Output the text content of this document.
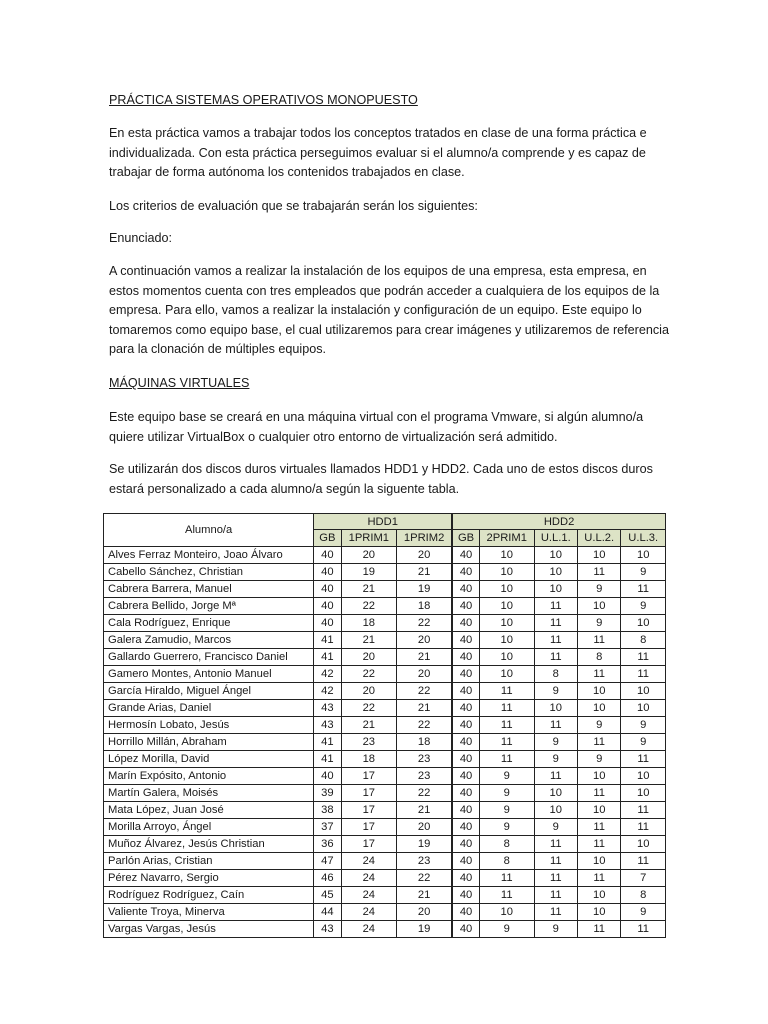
PRÁCTICA SISTEMAS OPERATIVOS MONOPUESTO

En esta práctica vamos a trabajar todos los conceptos tratados en clase de una forma práctica e individualizada. Con esta práctica perseguimos evaluar si el alumno/a comprende y es capaz de trabajar de forma autónoma los contenidos trabajados en clase.

Los criterios de evaluación que se trabajarán serán los siguientes:

Enunciado:

A continuación vamos a realizar la instalación de los equipos de una empresa, esta empresa, en estos momentos cuenta con tres empleados que podrán acceder a cualquiera de los equipos de la empresa. Para ello, vamos a realizar la instalación y configuración de un equipo. Este equipo lo tomaremos como equipo base, el cual utilizaremos para crear imágenes y utilizaremos de referencia para la clonación de múltiples equipos.

MÁQUINAS VIRTUALES

Este equipo base se creará en una máquina virtual con el programa Vmware, si algún alumno/a quiere utilizar VirtualBox o cualquier otro entorno de virtualización será admitido.

Se utilizarán dos discos duros virtuales llamados HDD1 y HDD2. Cada uno de estos discos duros estará personalizado a cada alumno/a según la siguente tabla.

Alumno/a	HDD1			HDD2				
	GB	1PRIM1	1PRIM2	GB	2PRIM1	U.L.1.	U.L.2.	U.L.3.
Alves Ferraz Monteiro, Joao Álvaro	40	20	20	40	10	10	10	10
Cabello Sánchez, Christian	40	19	21	40	10	10	11	9
Cabrera Barrera, Manuel	40	21	19	40	10	10	9	11
Cabrera Bellido, Jorge Mª	40	22	18	40	10	11	10	9
Cala Rodríguez, Enrique	40	18	22	40	10	11	9	10
Galera Zamudio, Marcos	41	21	20	40	10	11	11	8
Gallardo Guerrero, Francisco Daniel	41	20	21	40	10	11	8	11
Gamero Montes, Antonio Manuel	42	22	20	40	10	8	11	11
García Hiraldo, Miguel Ángel	42	20	22	40	11	9	10	10
Grande Arias, Daniel	43	22	21	40	11	10	10	10
Hermosín Lobato, Jesús	43	21	22	40	11	11	9	9
Horrillo Millán, Abraham	41	23	18	40	11	9	11	9
López Morilla, David	41	18	23	40	11	9	9	11
Marín Expósito, Antonio	40	17	23	40	9	11	10	10
Martín Galera, Moisés	39	17	22	40	9	10	11	10
Mata López, Juan José	38	17	21	40	9	10	10	11
Morilla Arroyo, Ángel	37	17	20	40	9	9	11	11
Muñoz Álvarez, Jesús Christian	36	17	19	40	8	11	11	10
Parlón Arias, Cristian	47	24	23	40	8	11	10	11
Pérez Navarro, Sergio	46	24	22	40	11	11	11	7
Rodríguez Rodríguez, Caín	45	24	21	40	11	11	10	8
Valiente Troya, Minerva	44	24	20	40	10	11	10	9
Vargas Vargas, Jesús	43	24	19	40	9	9	11	11
